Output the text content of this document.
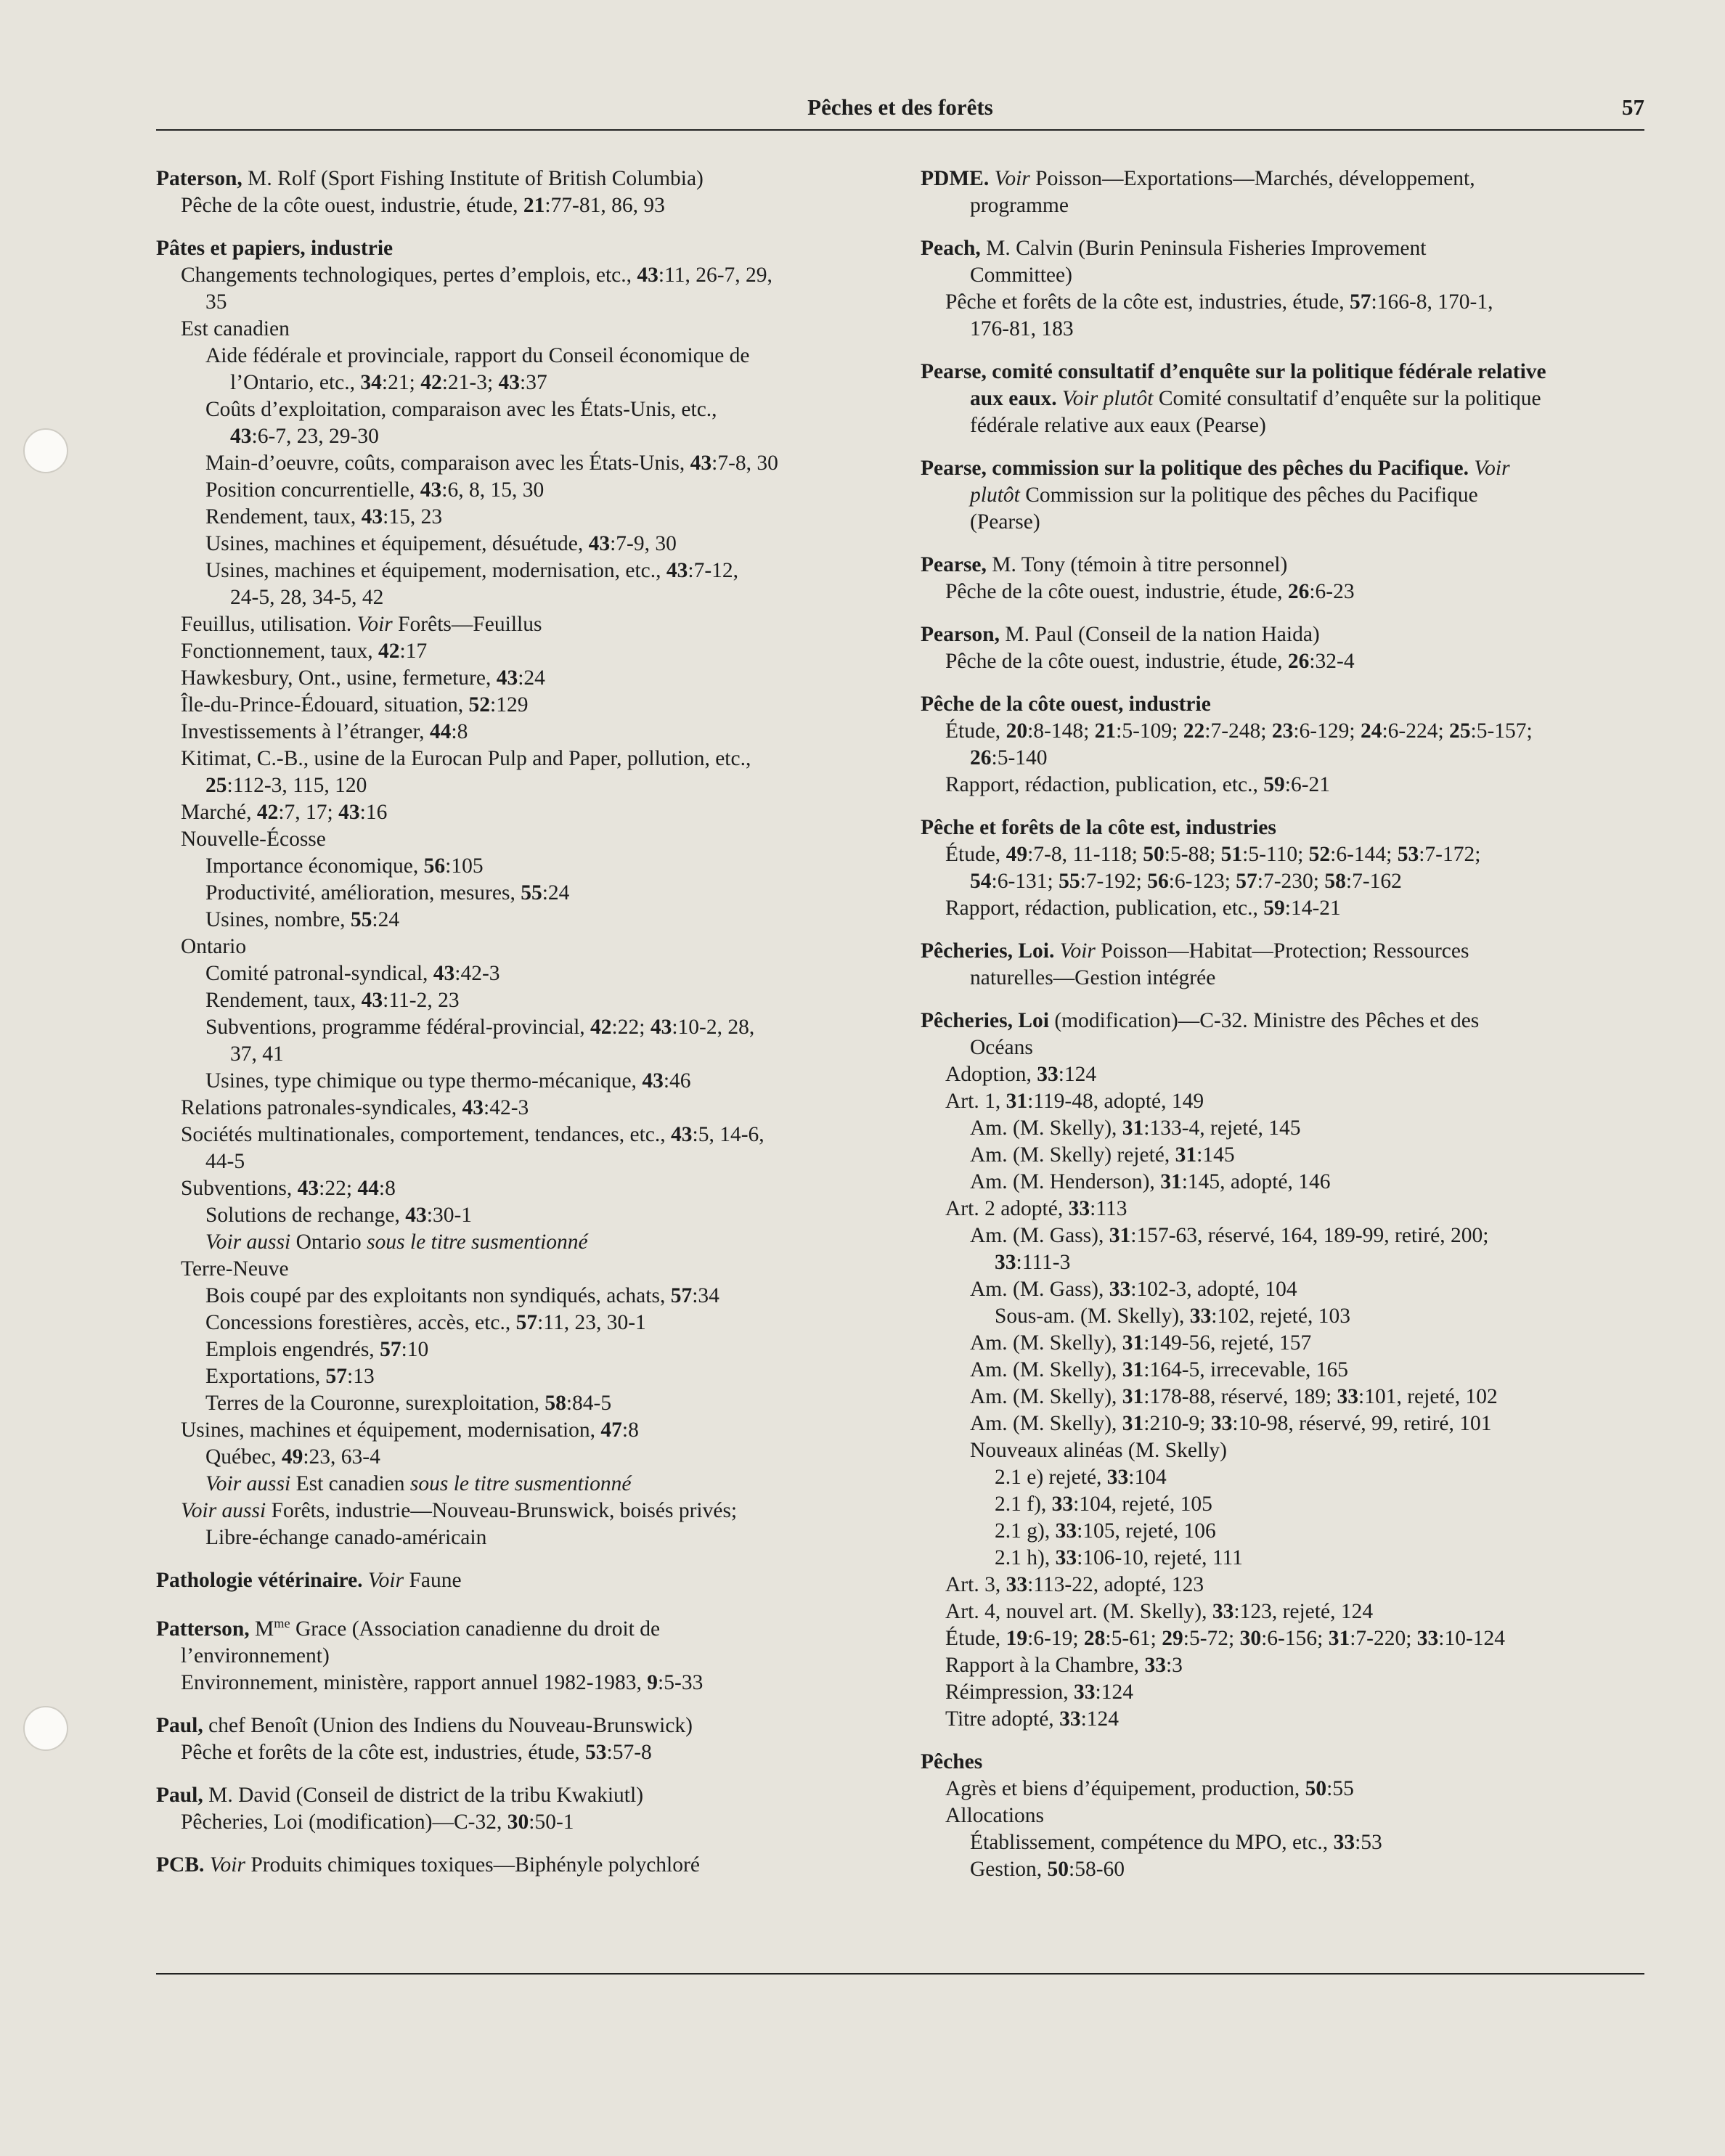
Pêches et des forêts	57
Paterson, M. Rolf (Sport Fishing Institute of British Columbia)
Pêche de la côte ouest, industrie, étude, 21:77-81, 86, 93
Pâtes et papiers, industrie
Changements technologiques, pertes d’emplois, etc., 43:11, 26-7, 29,
35
Est canadien
Aide fédérale et provinciale, rapport du Conseil économique de
l’Ontario, etc., 34:21; 42:21-3; 43:37
Coûts d’exploitation, comparaison avec les États-Unis, etc.,
43:6-7, 23, 29-30
Main-d’oeuvre, coûts, comparaison avec les États-Unis, 43:7-8, 30
Position concurrentielle, 43:6, 8, 15, 30
Rendement, taux, 43:15, 23
Usines, machines et équipement, désuétude, 43:7-9, 30
Usines, machines et équipement, modernisation, etc., 43:7-12,
24-5, 28, 34-5, 42
Feuillus, utilisation. Voir Forêts—Feuillus
Fonctionnement, taux, 42:17
Hawkesbury, Ont., usine, fermeture, 43:24
Île-du-Prince-Édouard, situation, 52:129
Investissements à l’étranger, 44:8
Kitimat, C.-B., usine de la Eurocan Pulp and Paper, pollution, etc.,
25:112-3, 115, 120
Marché, 42:7, 17; 43:16
Nouvelle-Écosse
Importance économique, 56:105
Productivité, amélioration, mesures, 55:24
Usines, nombre, 55:24
Ontario
Comité patronal-syndical, 43:42-3
Rendement, taux, 43:11-2, 23
Subventions, programme fédéral-provincial, 42:22; 43:10-2, 28,
37, 41
Usines, type chimique ou type thermo-mécanique, 43:46
Relations patronales-syndicales, 43:42-3
Sociétés multinationales, comportement, tendances, etc., 43:5, 14-6,
44-5
Subventions, 43:22; 44:8
Solutions de rechange, 43:30-1
Voir aussi Ontario sous le titre susmentionné
Terre-Neuve
Bois coupé par des exploitants non syndiqués, achats, 57:34
Concessions forestières, accès, etc., 57:11, 23, 30-1
Emplois engendrés, 57:10
Exportations, 57:13
Terres de la Couronne, surexploitation, 58:84-5
Usines, machines et équipement, modernisation, 47:8
Québec, 49:23, 63-4
Voir aussi Est canadien sous le titre susmentionné
Voir aussi Forêts, industrie—Nouveau-Brunswick, boisés privés;
Libre-échange canado-américain
Pathologie vétérinaire. Voir Faune
Patterson, $M^{me}$ Grace (Association canadienne du droit de
l’environnement)
Environnement, ministère, rapport annuel 1982-1983, 9:5-33
Paul, chef Benoît (Union des Indiens du Nouveau-Brunswick)
Pêche et forêts de la côte est, industries, étude, 53:57-8
Paul, M. David (Conseil de district de la tribu Kwakiutl)
Pêcheries, Loi (modification)—C-32, 30:50-1
PCB. Voir Produits chimiques toxiques—Biphényle polychloré
PDME. Voir Poisson—Exportations—Marchés, développement,
programme
Peach, M. Calvin (Burin Peninsula Fisheries Improvement
Committee)
Pêche et forêts de la côte est, industries, étude, 57:166-8, 170-1,
176-81, 183
Pearse, comité consultatif d’enquête sur la politique fédérale relative
aux eaux. Voir plutôt Comité consultatif d’enquête sur la politique
fédérale relative aux eaux (Pearse)
Pearse, commission sur la politique des pêches du Pacifique. Voir
plutôt Commission sur la politique des pêches du Pacifique
(Pearse)
Pearse, M. Tony (témoin à titre personnel)
Pêche de la côte ouest, industrie, étude, 26:6-23
Pearson, M. Paul (Conseil de la nation Haida)
Pêche de la côte ouest, industrie, étude, 26:32-4
Pêche de la côte ouest, industrie
Étude, 20:8-148; 21:5-109; 22:7-248; 23:6-129; 24:6-224; 25:5-157;
26:5-140
Rapport, rédaction, publication, etc., 59:6-21
Pêche et forêts de la côte est, industries
Étude, 49:7-8, 11-118; 50:5-88; 51:5-110; 52:6-144; 53:7-172;
54:6-131; 55:7-192; 56:6-123; 57:7-230; 58:7-162
Rapport, rédaction, publication, etc., 59:14-21
Pêcheries, Loi. Voir Poisson—Habitat—Protection; Ressources
naturelles—Gestion intégrée
Pêcheries, Loi (modification)—C-32. Ministre des Pêches et des
Océans
Adoption, 33:124
Art. 1, 31:119-48, adopté, 149
Am. (M. Skelly), 31:133-4, rejeté, 145
Am. (M. Skelly) rejeté, 31:145
Am. (M. Henderson), 31:145, adopté, 146
Art. 2 adopté, 33:113
Am. (M. Gass), 31:157-63, réservé, 164, 189-99, retiré, 200;
33:111-3
Am. (M. Gass), 33:102-3, adopté, 104
Sous-am. (M. Skelly), 33:102, rejeté, 103
Am. (M. Skelly), 31:149-56, rejeté, 157
Am. (M. Skelly), 31:164-5, irrecevable, 165
Am. (M. Skelly), 31:178-88, réservé, 189; 33:101, rejeté, 102
Am. (M. Skelly), 31:210-9; 33:10-98, réservé, 99, retiré, 101
Nouveaux alinéas (M. Skelly)
2.1 e) rejeté, 33:104
2.1 f), 33:104, rejeté, 105
2.1 g), 33:105, rejeté, 106
2.1 h), 33:106-10, rejeté, 111
Art. 3, 33:113-22, adopté, 123
Art. 4, nouvel art. (M. Skelly), 33:123, rejeté, 124
Étude, 19:6-19; 28:5-61; 29:5-72; 30:6-156; 31:7-220; 33:10-124
Rapport à la Chambre, 33:3
Réimpression, 33:124
Titre adopté, 33:124
Pêches
Agrès et biens d’équipement, production, 50:55
Allocations
Établissement, compétence du MPO, etc., 33:53
Gestion, 50:58-60
